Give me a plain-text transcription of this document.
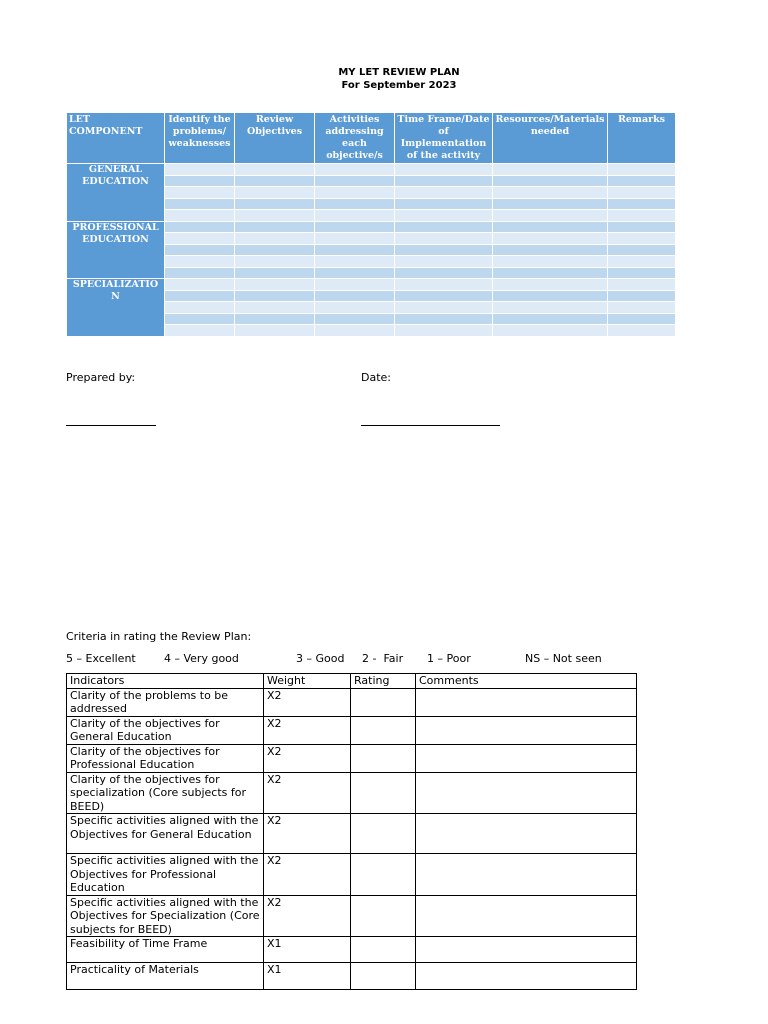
MY LET REVIEW PLAN
For September 2023
LET COMPONENT	Identify the problems/ weaknesses	Review Objectives	Activities addressing each objective/s	Time Frame/Date of Implementation of the activity	Resources/Materials needed	Remarks
GENERAL EDUCATION						

PROFESSIONAL EDUCATION						

SPECIALIZATIO N						

Prepared by:	Date:
Criteria in rating the Review Plan:
5 – Excellent	4 – Very good	3 – Good 2 -  Fair 1 – Poor	NS – Not seen
Indicators	Weight	Rating	Comments
Clarity of the problems to be addressed	X2		
Clarity of the objectives for General Education	X2		
Clarity of the objectives for Professional Education	X2		
Clarity of the objectives for specialization (Core subjects for BEED)	X2		
Specific activities aligned with the Objectives for General Education	X2		
Specific activities aligned with the Objectives for Professional Education	X2		
Specific activities aligned with the Objectives for Specialization (Core subjects for BEED)	X2		
Feasibility of Time Frame	X1		
Practicality of Materials	X1		
